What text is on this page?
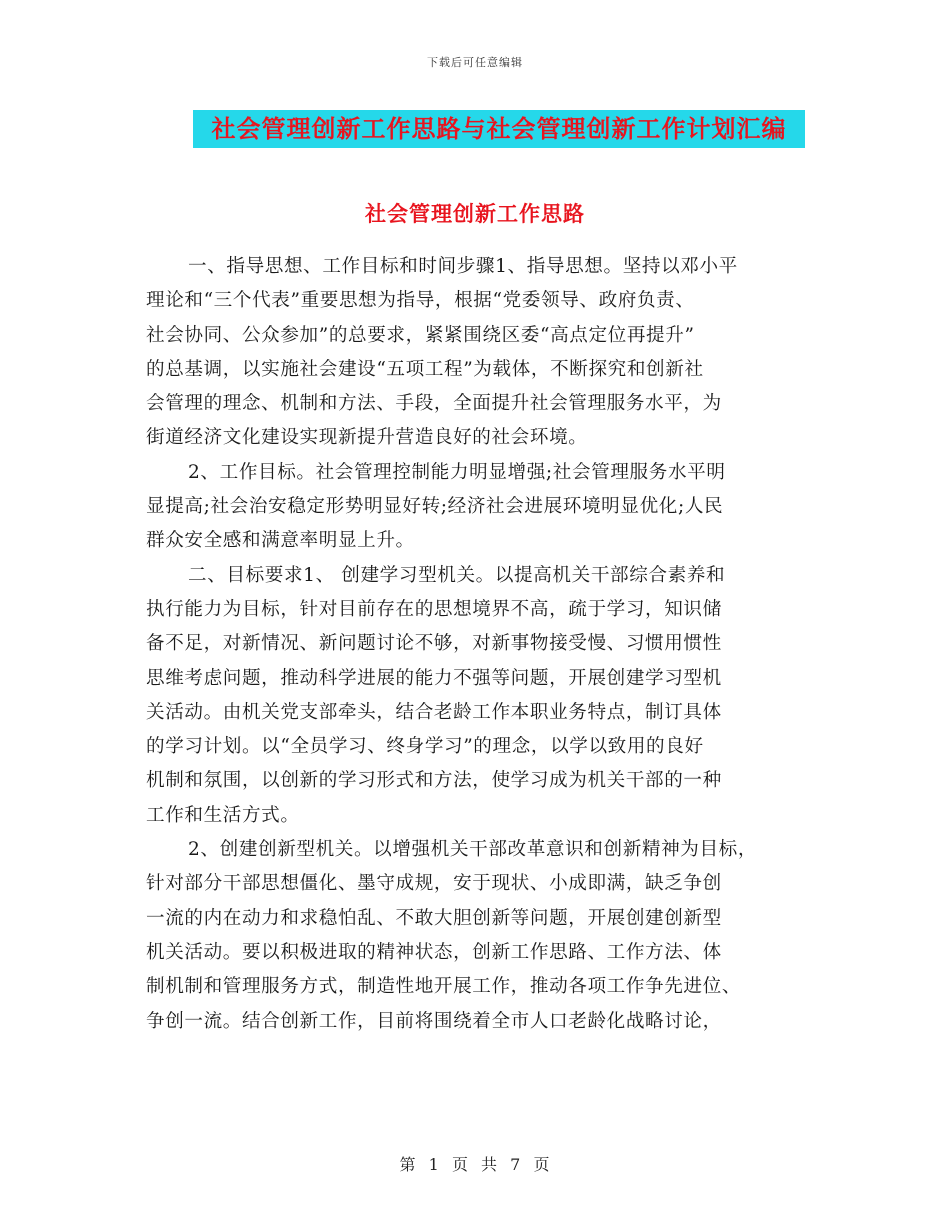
下载后可任意编辑
社会管理创新工作思路与社会管理创新工作计划汇编
社会管理创新工作思路
一、指导思想、工作目标和时间步骤1、指导思想。坚持以邓小平
理论和“三个代表”重要思想为指导，根据“党委领导、政府负责、
社会协同、公众参加”的总要求，紧紧围绕区委“高点定位再提升”
的总基调，以实施社会建设“五项工程”为载体，不断探究和创新社
会管理的理念、机制和方法、手段，全面提升社会管理服务水平，为
街道经济文化建设实现新提升营造良好的社会环境。
2、工作目标。社会管理控制能力明显增强;社会管理服务水平明
显提高;社会治安稳定形势明显好转;经济社会进展环境明显优化;人民
群众安全感和满意率明显上升。
二、目标要求1、 创建学习型机关。以提高机关干部综合素养和
执行能力为目标，针对目前存在的思想境界不高，疏于学习，知识储
备不足，对新情况、新问题讨论不够，对新事物接受慢、习惯用惯性
思维考虑问题，推动科学进展的能力不强等问题，开展创建学习型机
关活动。由机关党支部牵头，结合老龄工作本职业务特点，制订具体
的学习计划。以“全员学习、终身学习”的理念，以学以致用的良好
机制和氛围，以创新的学习形式和方法，使学习成为机关干部的一种
工作和生活方式。
2、创建创新型机关。以增强机关干部改革意识和创新精神为目标，
针对部分干部思想僵化、墨守成规，安于现状、小成即满，缺乏争创
一流的内在动力和求稳怕乱、不敢大胆创新等问题，开展创建创新型
机关活动。要以积极进取的精神状态，创新工作思路、工作方法、体
制机制和管理服务方式，制造性地开展工作，推动各项工作争先进位、
争创一流。结合创新工作，目前将围绕着全市人口老龄化战略讨论，
第 1 页 共 7 页
